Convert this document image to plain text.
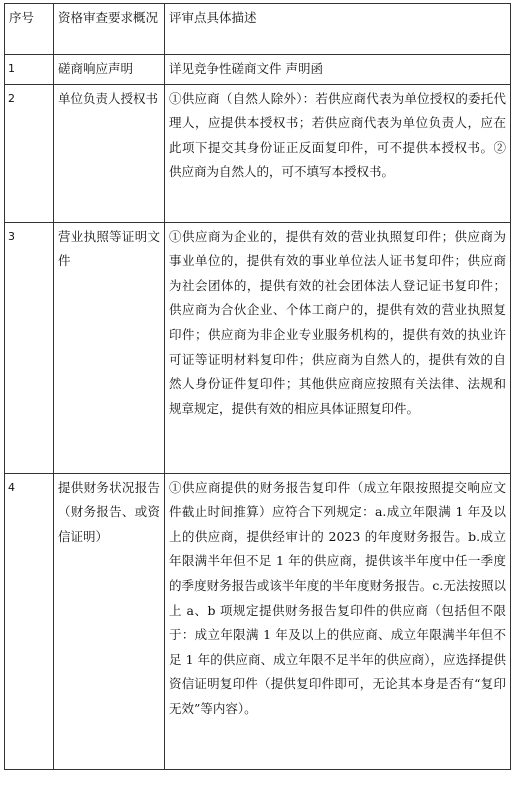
序号	资格审查要求概况	评审点具体描述
1	磋商响应声明	详见竞争性磋商文件 声明函
2	单位负责人授权书	①供应商（自然人除外）：若供应商代表为单位授权的委托代理人，应提供本授权书；若供应商代表为单位负责人，应在此项下提交其身份证正反面复印件，可不提供本授权书。②供应商为自然人的，可不填写本授权书。
3	营业执照等证明文件	①供应商为企业的，提供有效的营业执照复印件；供应商为事业单位的，提供有效的事业单位法人证书复印件；供应商为社会团体的，提供有效的社会团体法人登记证书复印件；供应商为合伙企业、个体工商户的，提供有效的营业执照复印件；供应商为非企业专业服务机构的，提供有效的执业许可证等证明材料复印件；供应商为自然人的，提供有效的自然人身份证件复印件；其他供应商应按照有关法律、法规和规章规定，提供有效的相应具体证照复印件。
4	提供财务状况报告（财务报告、或资信证明）	①供应商提供的财务报告复印件（成立年限按照提交响应文件截止时间推算）应符合下列规定：a.成立年限满 1 年及以上的供应商，提供经审计的 2023 的年度财务报告。b.成立年限满半年但不足 1 年的供应商，提供该半年度中任一季度的季度财务报告或该半年度的半年度财务报告。c.无法按照以上 a、b 项规定提供财务报告复印件的供应商（包括但不限于：成立年限满 1 年及以上的供应商、成立年限满半年但不足 1 年的供应商、成立年限不足半年的供应商），应选择提供资信证明复印件（提供复印件即可，无论其本身是否有“复印无效”等内容）。
